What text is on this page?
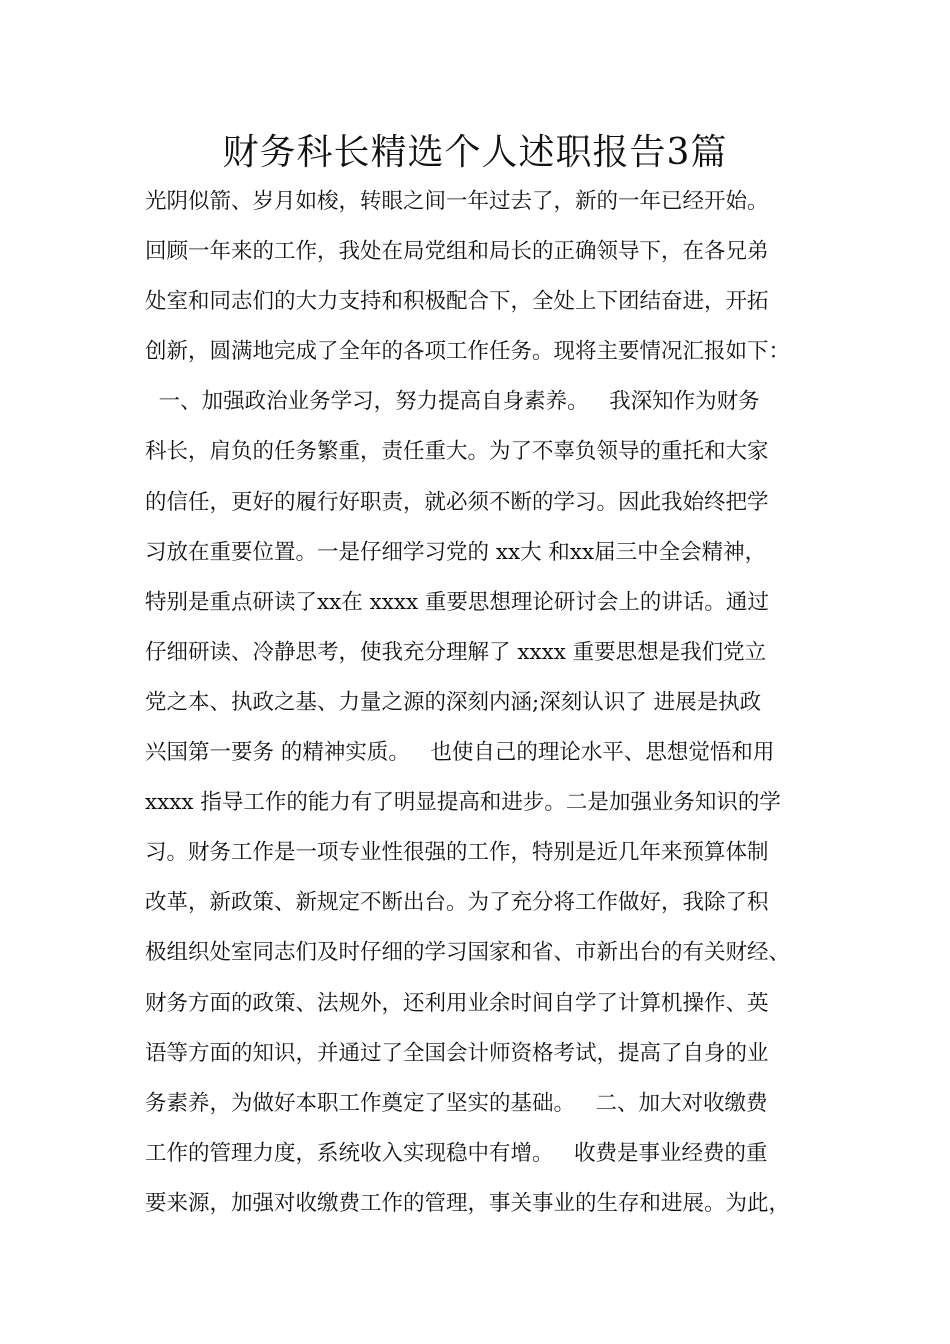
财务科长精选个人述职报告3篇
光阴似箭、岁月如梭，转眼之间一年过去了，新的一年已经开始。
回顾一年来的工作，我处在局党组和局长的正确领导下，在各兄弟
处室和同志们的大力支持和积极配合下，全处上下团结奋进，开拓
创新，圆满地完成了全年的各项工作任务。现将主要情况汇报如下：
一、加强政治业务学习，努力提高自身素养。   我深知作为财务
科长，肩负的任务繁重，责任重大。为了不辜负领导的重托和大家
的信任，更好的履行好职责，就必须不断的学习。因此我始终把学
习放在重要位置。一是仔细学习党的 xx大 和xx届三中全会精神，
特别是重点研读了xx在 xxxx 重要思想理论研讨会上的讲话。通过
仔细研读、冷静思考，使我充分理解了 xxxx 重要思想是我们党立
党之本、执政之基、力量之源的深刻内涵;深刻认识了 进展是执政
兴国第一要务 的精神实质。   也使自己的理论水平、思想觉悟和用
xxxx 指导工作的能力有了明显提高和进步。二是加强业务知识的学
习。财务工作是一项专业性很强的工作，特别是近几年来预算体制
改革，新政策、新规定不断出台。为了充分将工作做好，我除了积
极组织处室同志们及时仔细的学习国家和省、市新出台的有关财经、
财务方面的政策、法规外，还利用业余时间自学了计算机操作、英
语等方面的知识，并通过了全国会计师资格考试，提高了自身的业
务素养，为做好本职工作奠定了坚实的基础。   二、加大对收缴费
工作的管理力度，系统收入实现稳中有增。   收费是事业经费的重
要来源，加强对收缴费工作的管理，事关事业的生存和进展。为此，
